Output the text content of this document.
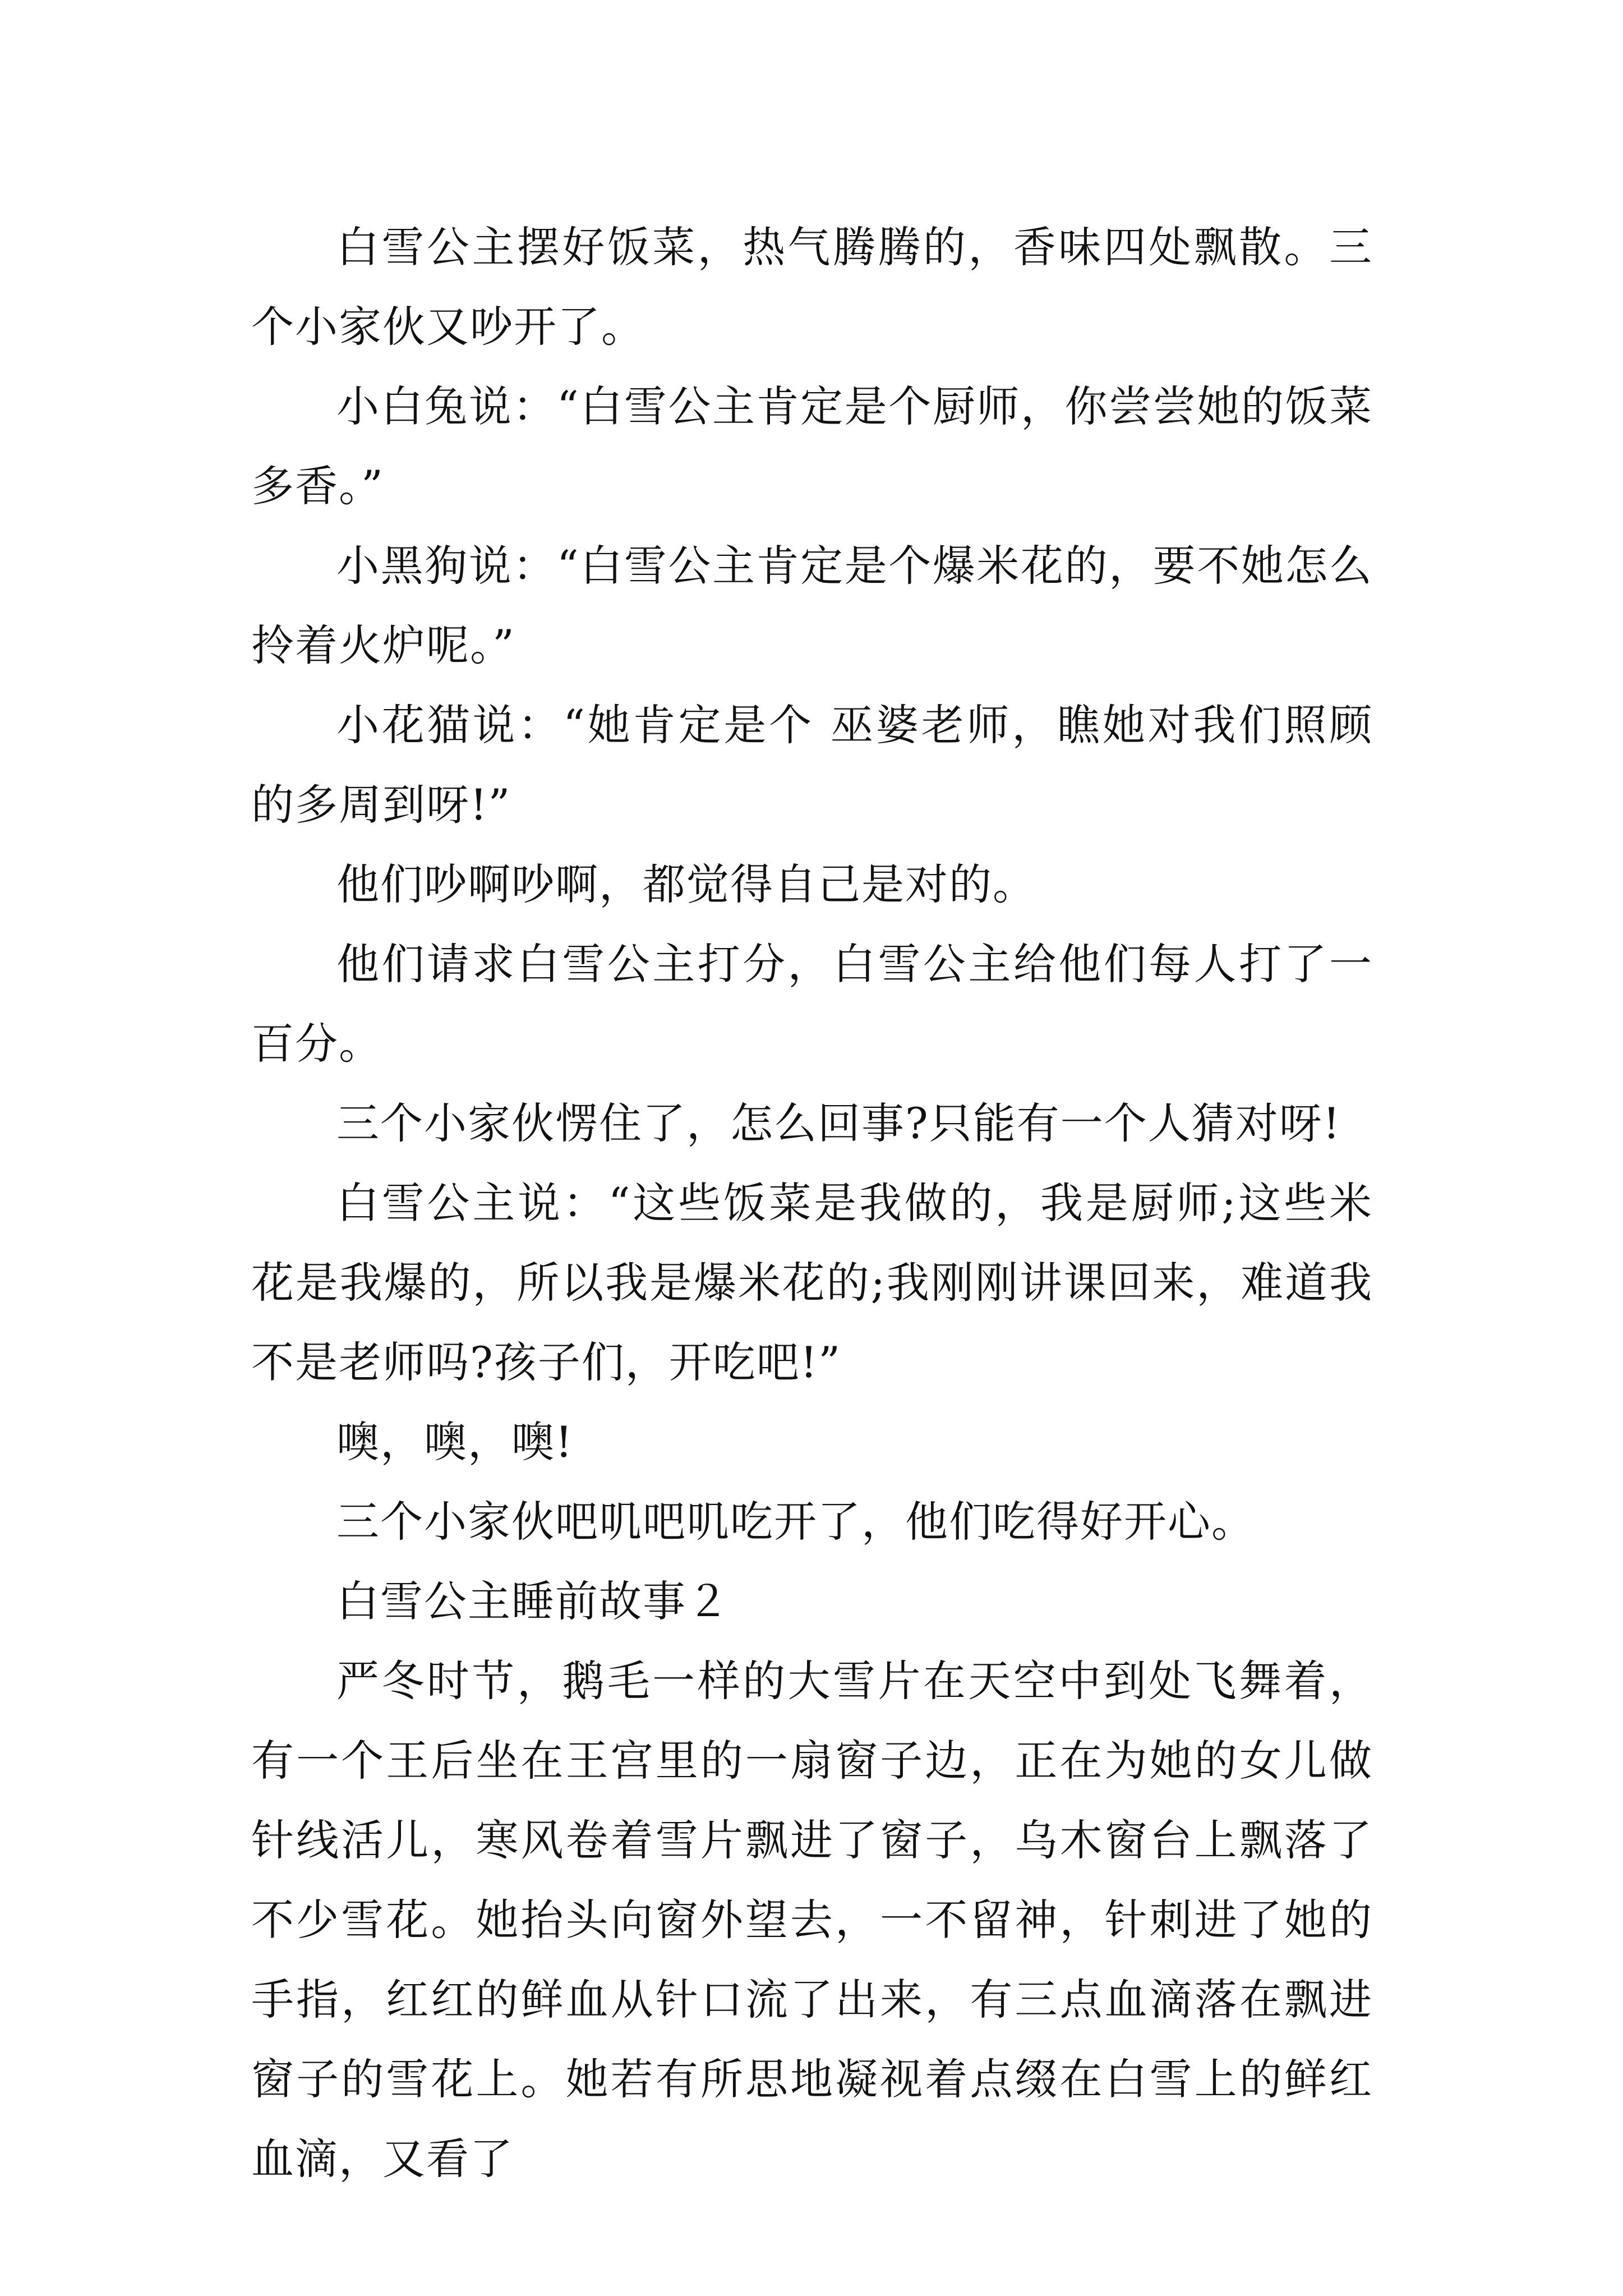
白雪公主摆好饭菜，热气腾腾的，香味四处飘散。三个小家伙又吵开了。

小白兔说：“白雪公主肯定是个厨师，你尝尝她的饭菜多香。”

小黑狗说：“白雪公主肯定是个爆米花的，要不她怎么拎着火炉呢。”

小花猫说：“她肯定是个 巫婆老师，瞧她对我们照顾的多周到呀!”

他们吵啊吵啊，都觉得自己是对的。

他们请求白雪公主打分，白雪公主给他们每人打了一百分。

三个小家伙愣住了，怎么回事?只能有一个人猜对呀!

白雪公主说：“这些饭菜是我做的，我是厨师;这些米花是我爆的，所以我是爆米花的;我刚刚讲课回来，难道我不是老师吗?孩子们，开吃吧!”

噢，噢，噢!

三个小家伙吧叽吧叽吃开了，他们吃得好开心。

白雪公主睡前故事２

严冬时节，鹅毛一样的大雪片在天空中到处飞舞着，有一个王后坐在王宫里的一扇窗子边，正在为她的女儿做针线活儿，寒风卷着雪片飘进了窗子，乌木窗台上飘落了不少雪花。她抬头向窗外望去，一不留神，针刺进了她的手指，红红的鲜血从针口流了出来，有三点血滴落在飘进窗子的雪花上。她若有所思地凝视着点缀在白雪上的鲜红血滴，又看了
